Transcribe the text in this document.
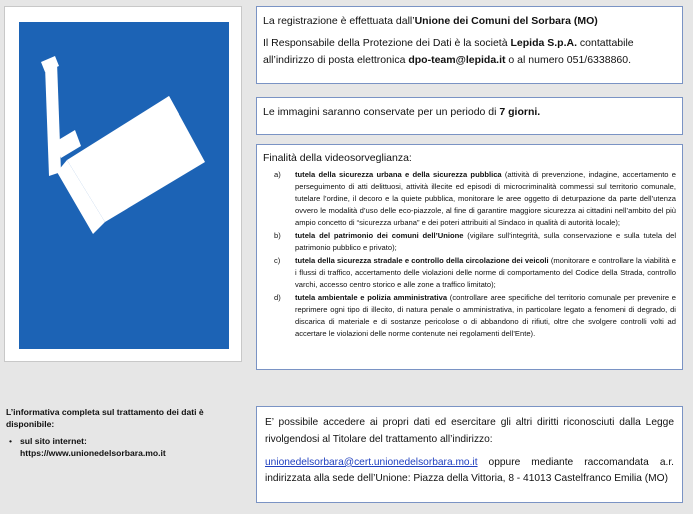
La registrazione è effettuata dall’Unione dei Comuni del Sorbara (MO)

Il Responsabile della Protezione dei Dati è la società Lepida S.p.A. contattabile all’indirizzo di posta elettronica dpo-team@lepida.it o al numero 051/6338860.

Le immagini saranno conservate per un periodo di 7 giorni.

Finalità della videosorveglianza:
a) tutela della sicurezza urbana e della sicurezza pubblica (attività di prevenzione, indagine, accertamento e perseguimento di atti delittuosi, attività illecite ed episodi di microcriminalità commessi sul territorio comunale, tutelare l’ordine, il decoro e la quiete pubblica, monitorare le aree oggetto di deturpazione da parte dell’utenza ovvero le modalità d’uso delle eco-piazzole, al fine di garantire maggiore sicurezza ai cittadini nell’ambito del più ampio concetto di “sicurezza urbana” e dei poteri attribuiti al Sindaco in qualità di autorità locale);
b) tutela del patrimonio dei comuni dell’Unione (vigilare sull’integrità, sulla conservazione e sulla tutela del patrimonio pubblico e privato);
c) tutela della sicurezza stradale e controllo della circolazione dei veicoli (monitorare e controllare la viabilità e i flussi di traffico, accertamento delle violazioni delle norme di comportamento del Codice della Strada, controllo varchi, accesso centro storico e alle zone a traffico limitato);
d) tutela ambientale e polizia amministrativa (controllare aree specifiche del territorio comunale per prevenire e reprimere ogni tipo di illecito, di natura penale o amministrativa, in particolare legato a fenomeni di degrado, di discarica di materiale e di sostanze pericolose o di abbandono di rifiuti, oltre che svolgere controlli volti ad accertare le violazioni delle norme contenute nei regolamenti dell’Ente).

E’ possibile accedere ai propri dati ed esercitare gli altri diritti riconosciuti dalla Legge rivolgendosi al Titolare del trattamento all’indirizzo:

unionedelsorbara@cert.unionedelsorbara.mo.it oppure mediante raccomandata a.r. indirizzata alla sede dell’Unione: Piazza della Vittoria, 8 - 41013 Castelfranco Emilia (MO)

L’informativa completa sul trattamento dei dati è disponibile:
• sul sito internet:
https://www.unionedelsorbara.mo.it
